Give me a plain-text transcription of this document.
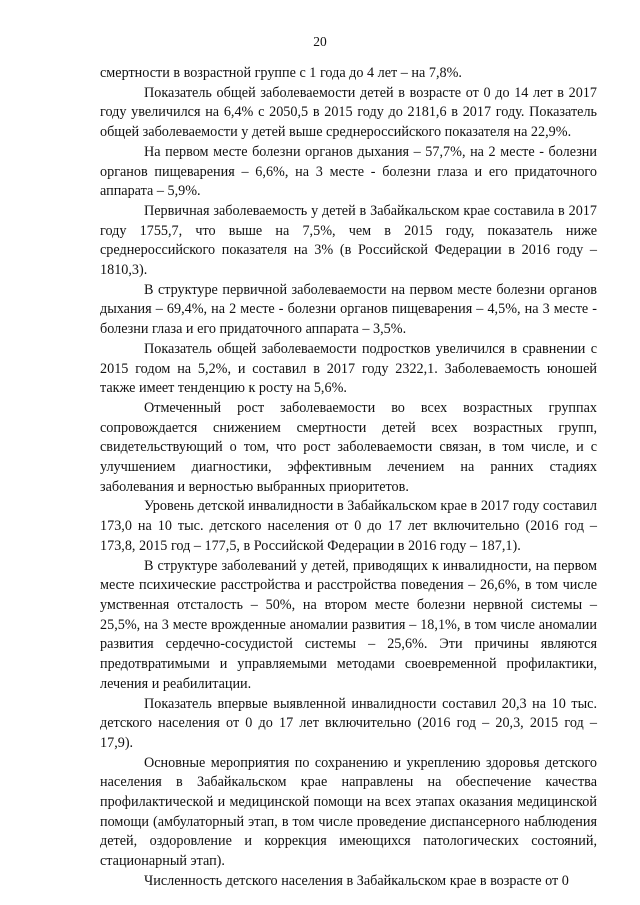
20

смертности в возрастной группе с 1 года до 4 лет – на 7,8%.

Показатель общей заболеваемости детей в возрасте от 0 до 14 лет в 2017 году увеличился на 6,4% с 2050,5 в 2015 году до 2181,6 в 2017 году. Показатель общей заболеваемости у детей выше среднероссийского показателя на 22,9%.

На первом месте болезни органов дыхания – 57,7%, на 2 месте - болезни органов пищеварения – 6,6%, на 3 месте - болезни глаза и его придаточного аппарата – 5,9%.

Первичная заболеваемость у детей в Забайкальском крае составила в 2017 году 1755,7, что выше на 7,5%, чем в 2015 году, показатель ниже среднероссийского показателя на 3% (в Российской Федерации в 2016 году – 1810,3).

В структуре первичной заболеваемости на первом месте болезни органов дыхания – 69,4%, на 2 месте - болезни органов пищеварения – 4,5%, на 3 месте - болезни глаза и его придаточного аппарата – 3,5%.

Показатель общей заболеваемости подростков увеличился в сравнении с 2015 годом на 5,2%, и составил в 2017 году 2322,1. Заболеваемость юношей также имеет тенденцию к росту на 5,6%.

Отмеченный рост заболеваемости во всех возрастных группах сопровождается снижением смертности детей всех возрастных групп, свидетельствующий о том, что рост заболеваемости связан, в том числе, и с улучшением диагностики, эффективным лечением на ранних стадиях заболевания и верностью выбранных приоритетов.

Уровень детской инвалидности в Забайкальском крае в 2017 году составил 173,0 на 10 тыс. детского населения от 0 до 17 лет включительно (2016 год – 173,8, 2015 год – 177,5, в Российской Федерации в 2016 году – 187,1).

В структуре заболеваний у детей, приводящих к инвалидности, на первом месте психические расстройства и расстройства поведения – 26,6%, в том числе умственная отсталость – 50%, на втором месте болезни нервной системы – 25,5%, на 3 месте врожденные аномалии развития – 18,1%, в том числе аномалии развития сердечно-сосудистой системы – 25,6%. Эти причины являются предотвратимыми и управляемыми методами своевременной профилактики, лечения и реабилитации.

Показатель впервые выявленной инвалидности составил 20,3 на 10 тыс. детского населения от 0 до 17 лет включительно (2016 год – 20,3, 2015 год – 17,9).

Основные мероприятия по сохранению и укреплению здоровья детского населения в Забайкальском крае направлены на обеспечение качества профилактической и медицинской помощи на всех этапах оказания медицинской помощи (амбулаторный этап, в том числе проведение диспансерного наблюдения детей, оздоровление и коррекция имеющихся патологических состояний, стационарный этап).

Численность детского населения в Забайкальском крае в возрасте от 0
